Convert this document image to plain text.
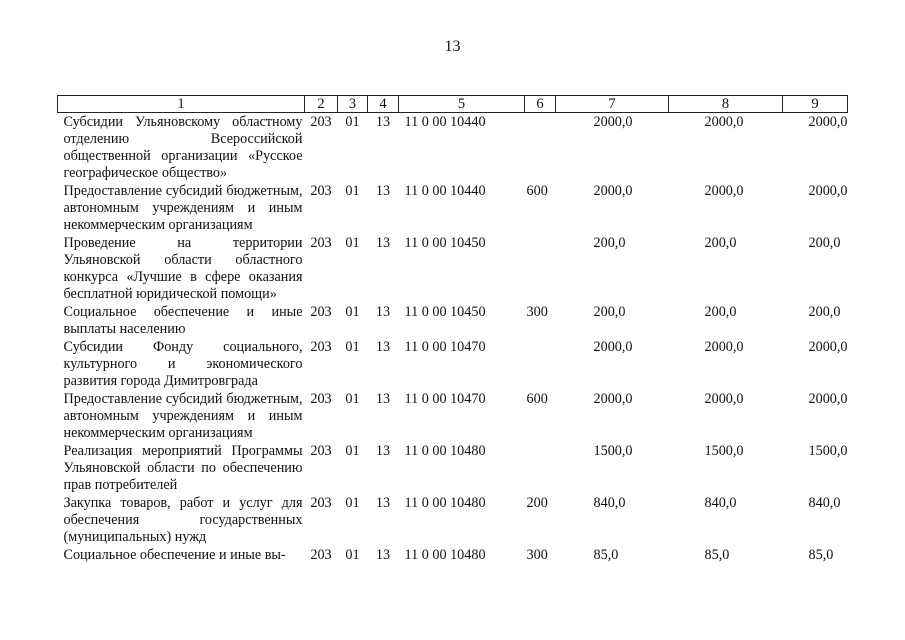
13
1	2	3	4	5	6	7	8	9
Субсидии Ульяновскому областному отделению Всероссийской общественной организации «Русское географическое общество»	203	01	13	11 0 00 10440		2000,0	2000,0	2000,0
Предоставление субсидий бюджетным, автономным учреждениям и иным некоммерческим организациям	203	01	13	11 0 00 10440	600	2000,0	2000,0	2000,0
Проведение на территории Ульяновской области областного конкурса «Лучшие в сфере оказания бесплатной юридической помощи»	203	01	13	11 0 00 10450		200,0	200,0	200,0
Социальное обеспечение и иные выплаты населению	203	01	13	11 0 00 10450	300	200,0	200,0	200,0
Субсидии Фонду социального, культурного и экономического развития города Димитровграда	203	01	13	11 0 00 10470		2000,0	2000,0	2000,0
Предоставление субсидий бюджетным, автономным учреждениям и иным некоммерческим организациям	203	01	13	11 0 00 10470	600	2000,0	2000,0	2000,0
Реализация мероприятий Программы Ульяновской области по обеспечению прав потребителей	203	01	13	11 0 00 10480		1500,0	1500,0	1500,0
Закупка товаров, работ и услуг для обеспечения государственных (муниципальных) нужд	203	01	13	11 0 00 10480	200	840,0	840,0	840,0
Социальное обеспечение и иные вы-	203	01	13	11 0 00 10480	300	85,0	85,0	85,0
